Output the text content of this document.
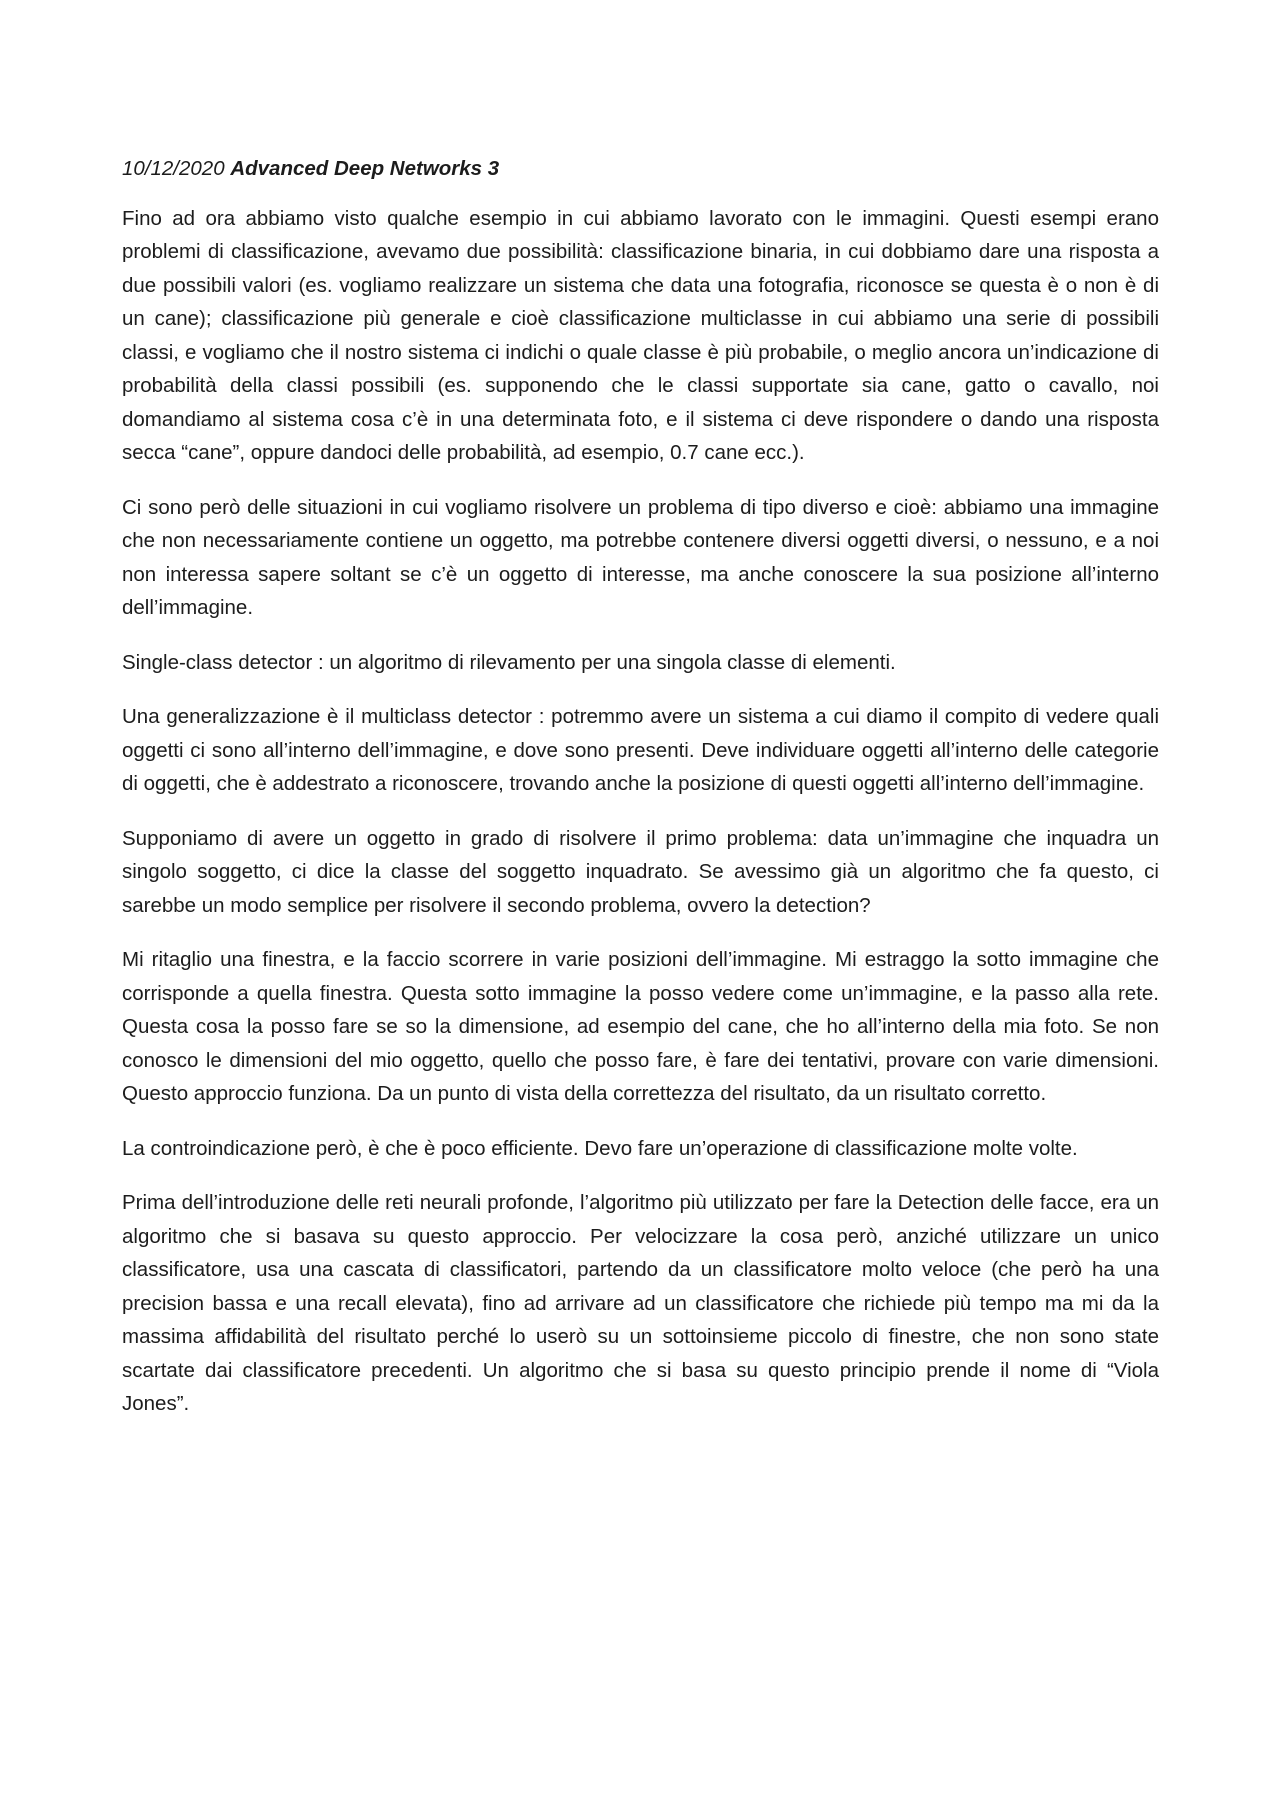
10/12/2020 Advanced Deep Networks 3

Fino ad ora abbiamo visto qualche esempio in cui abbiamo lavorato con le immagini. Questi esempi erano problemi di classificazione, avevamo due possibilità: classificazione binaria, in cui dobbiamo dare una risposta a due possibili valori (es. vogliamo realizzare un sistema che data una fotografia, riconosce se questa è o non è di un cane); classificazione più generale e cioè classificazione multiclasse in cui abbiamo una serie di possibili classi, e vogliamo che il nostro sistema ci indichi o quale classe è più probabile, o meglio ancora un’indicazione di probabilità della classi possibili (es. supponendo che le classi supportate sia cane, gatto o cavallo, noi domandiamo al sistema cosa c’è in una determinata foto, e il sistema ci deve rispondere o dando una risposta secca “cane”, oppure dandoci delle probabilità, ad esempio, 0.7 cane ecc.).

Ci sono però delle situazioni in cui vogliamo risolvere un problema di tipo diverso e cioè: abbiamo una immagine che non necessariamente contiene un oggetto, ma potrebbe contenere diversi oggetti diversi, o nessuno, e a noi non interessa sapere soltant se c’è un oggetto di interesse, ma anche conoscere la sua posizione all’interno dell’immagine.

Single-class detector : un algoritmo di rilevamento per una singola classe di elementi.

Una generalizzazione è il multiclass detector : potremmo avere un sistema a cui diamo il compito di vedere quali oggetti ci sono all’interno dell’immagine, e dove sono presenti. Deve individuare oggetti all’interno delle categorie di oggetti, che è addestrato a riconoscere, trovando anche la posizione di questi oggetti all’interno dell’immagine.

Supponiamo di avere un oggetto in grado di risolvere il primo problema: data un’immagine che inquadra un singolo soggetto, ci dice la classe del soggetto inquadrato. Se avessimo già un algoritmo che fa questo, ci sarebbe un modo semplice per risolvere il secondo problema, ovvero la detection?

Mi ritaglio una finestra, e la faccio scorrere in varie posizioni dell’immagine. Mi estraggo la sotto immagine che corrisponde a quella finestra. Questa sotto immagine la posso vedere come un’immagine, e la passo alla rete. Questa cosa la posso fare se so la dimensione, ad esempio del cane, che ho all’interno della mia foto. Se non conosco le dimensioni del mio oggetto, quello che posso fare, è fare dei tentativi, provare con varie dimensioni. Questo approccio funziona. Da un punto di vista della correttezza del risultato, da un risultato corretto.

La controindicazione però, è che è poco efficiente. Devo fare un’operazione di classificazione molte volte.

Prima dell’introduzione delle reti neurali profonde, l’algoritmo più utilizzato per fare la Detection delle facce, era un algoritmo che si basava su questo approccio. Per velocizzare la cosa però, anziché utilizzare un unico classificatore, usa una cascata di classificatori, partendo da un classificatore molto veloce (che però ha una precision bassa e una recall elevata), fino ad arrivare ad un classificatore che richiede più tempo ma mi da la massima affidabilità del risultato perché lo userò su un sottoinsieme piccolo di finestre, che non sono state scartate dai classificatore precedenti. Un algoritmo che si basa su questo principio prende il nome di “Viola Jones”.
